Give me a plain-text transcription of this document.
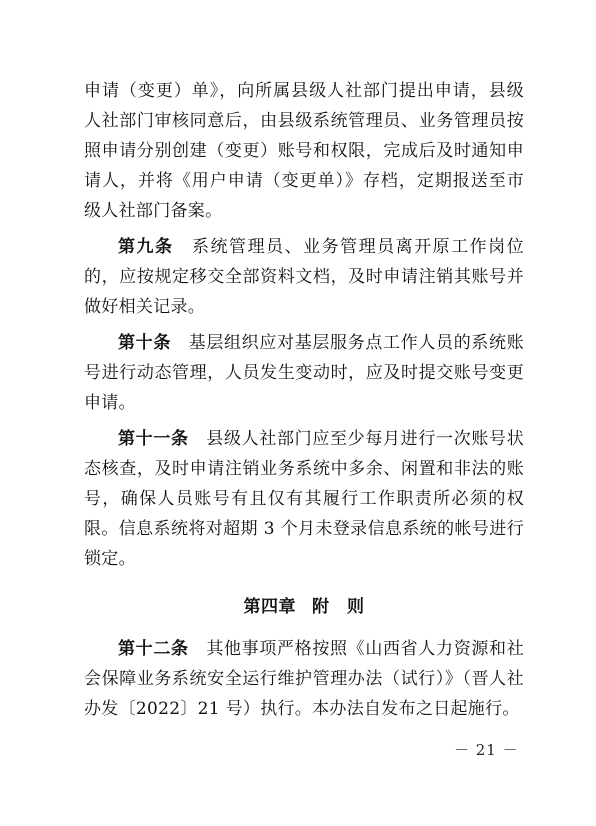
申请（变更）单》，向所属县级人社部门提出申请，县级人社部门审核同意后，由县级系统管理员、业务管理员按照申请分别创建（变更）账号和权限，完成后及时通知申请人，并将《用户申请（变更单）》存档，定期报送至市级人社部门备案。

第九条　系统管理员、业务管理员离开原工作岗位的，应按规定移交全部资料文档，及时申请注销其账号并做好相关记录。

第十条　基层组织应对基层服务点工作人员的系统账号进行动态管理，人员发生变动时，应及时提交账号变更申请。

第十一条　县级人社部门应至少每月进行一次账号状态核查，及时申请注销业务系统中多余、闲置和非法的账号，确保人员账号有且仅有其履行工作职责所必须的权限。信息系统将对超期 3 个月未登录信息系统的帐号进行锁定。

第四章 附　则

第十二条　其他事项严格按照《山西省人力资源和社会保障业务系统安全运行维护管理办法（试行）》（晋人社办发〔2022〕21 号）执行。本办法自发布之日起施行。

－ 21 －
